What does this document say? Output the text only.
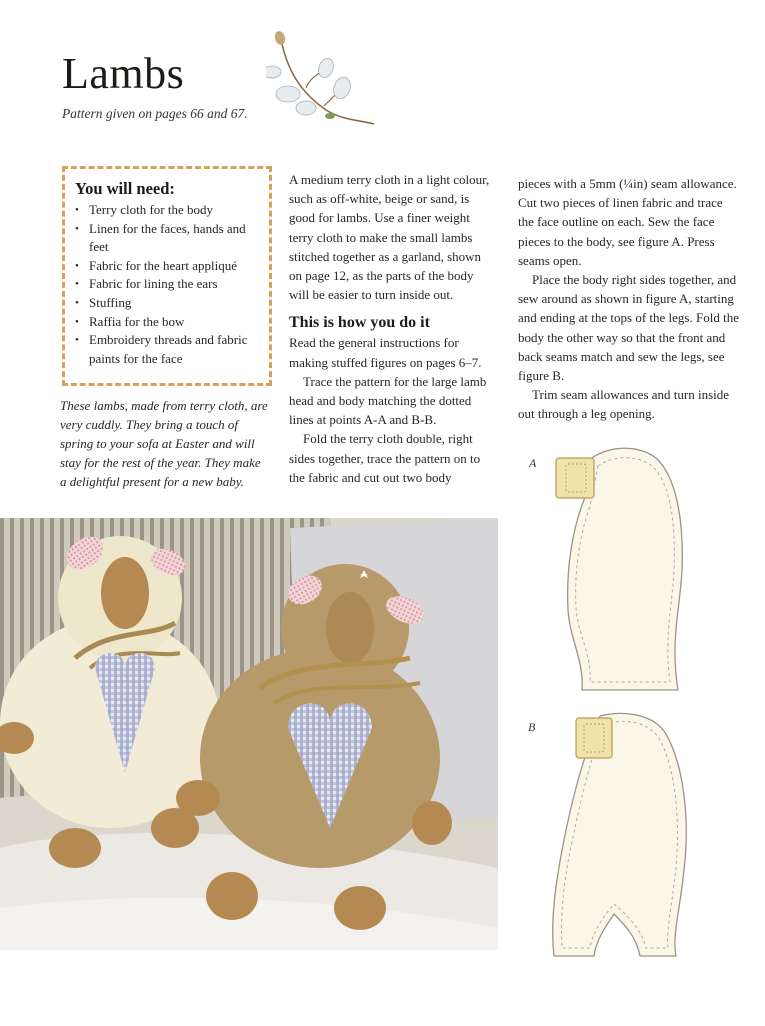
Lambs

Pattern given on pages 66 and 67.

You will need:
• Terry cloth for the body
• Linen for the faces, hands and feet
• Fabric for the heart appliqué
• Fabric for lining the ears
• Stuffing
• Raffia for the bow
• Embroidery threads and fabric paints for the face

These lambs, made from terry cloth, are very cuddly. They bring a touch of spring to your sofa at Easter and will stay for the rest of the year. They make a delightful present for a new baby.

A medium terry cloth in a light colour, such as off-white, beige or sand, is good for lambs. Use a finer weight terry cloth to make the small lambs stitched together as a garland, shown on page 12, as the parts of the body will be easier to turn inside out.

This is how you do it

Read the general instructions for making stuffed figures on pages 6–7.

Trace the pattern for the large lamb head and body matching the dotted lines at points A-A and B-B.

Fold the terry cloth double, right sides together, trace the pattern on to the fabric and cut out two body

pieces with a 5mm (¼in) seam allowance. Cut two pieces of linen fabric and trace the face outline on each. Sew the face pieces to the body, see figure A. Press seams open.

Place the body right sides together, and sew around as shown in figure A, starting and ending at the tops of the legs. Fold the body the other way so that the front and back seams match and sew the legs, see figure B.

Trim seam allowances and turn inside out through a leg opening.

A

B
